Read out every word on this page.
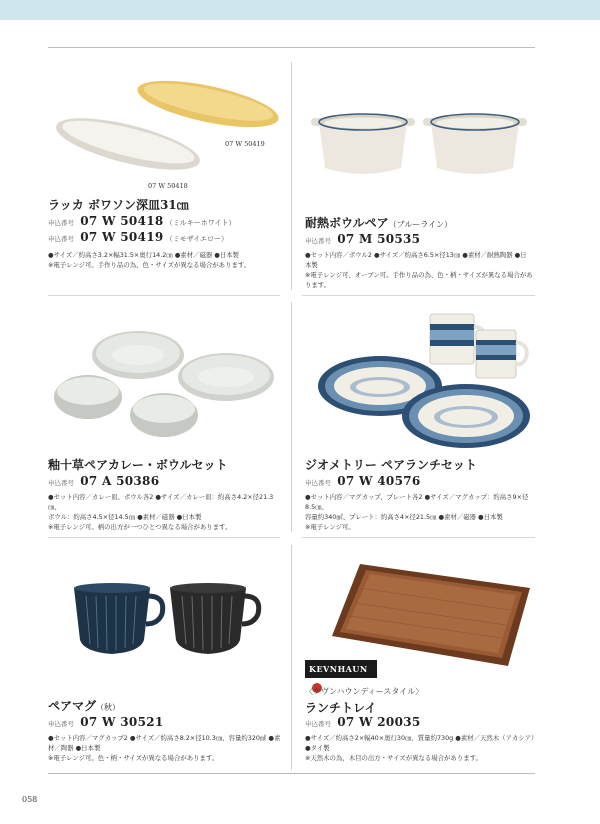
07 W 50419
07 W 50418
ラッカ ボワソン深皿31㎝
申込番号 07 W 50418 （ミルキーホワイト）
申込番号 07 W 50419 （ミモザイエロー）
●サイズ／約高さ3.2×幅31.5×奥行14.2㎝ ●素材／磁器 ●日本製
※電子レンジ可。手作り品の為、色・サイズが異なる場合があります。
耐熱ボウルペア（ブルーライン）
申込番号 07 M 50535
●セット内容／ボウル2 ●サイズ／約高さ6.5×径13㎝ ●素材／耐熱陶器 ●日
本製
※電子レンジ可、オーブン可。手作り品の為、色・柄・サイズが異なる場合があります。
釉十草ペアカレー・ボウルセット
申込番号 07 A 50386
●セット内容／カレー皿、ボウル各2 ●サイズ／カレー皿：約高さ4.2×径21.3㎝、
ボウル：約高さ4.5×径14.5㎝ ●素材／磁器 ●日本製
※電子レンジ可。柄の出方が一つひとつ異なる場合があります。
ジオメトリー ペアランチセット
申込番号 07 W 40576
●セット内容／マグカップ、プレート各2 ●サイズ／マグカップ：約高さ9×径8.5㎝、
容量約340㎖、プレート：約高さ4×径21.5㎝ ●素材／磁器 ●日本製
※電子レンジ可。
ペアマグ（秋）
申込番号 07 W 30521
●セット内容／マグカップ2 ●サイズ／約高さ8.2×径10.3㎝、容量約320㎖ ●素
材／陶器 ●日本製
※電子レンジ可。色・柄・サイズが異なる場合があります。
KEVNHAUN
〈ケヴンハウンディースタイル〉
ランチトレイ
申込番号 07 W 20035
●サイズ／約高さ2×幅40×奥行30㎝、質量約730g ●素材／天然木（アカシア）
●タイ製
※天然木の為、木目の出方・サイズが異なる場合があります。
058
